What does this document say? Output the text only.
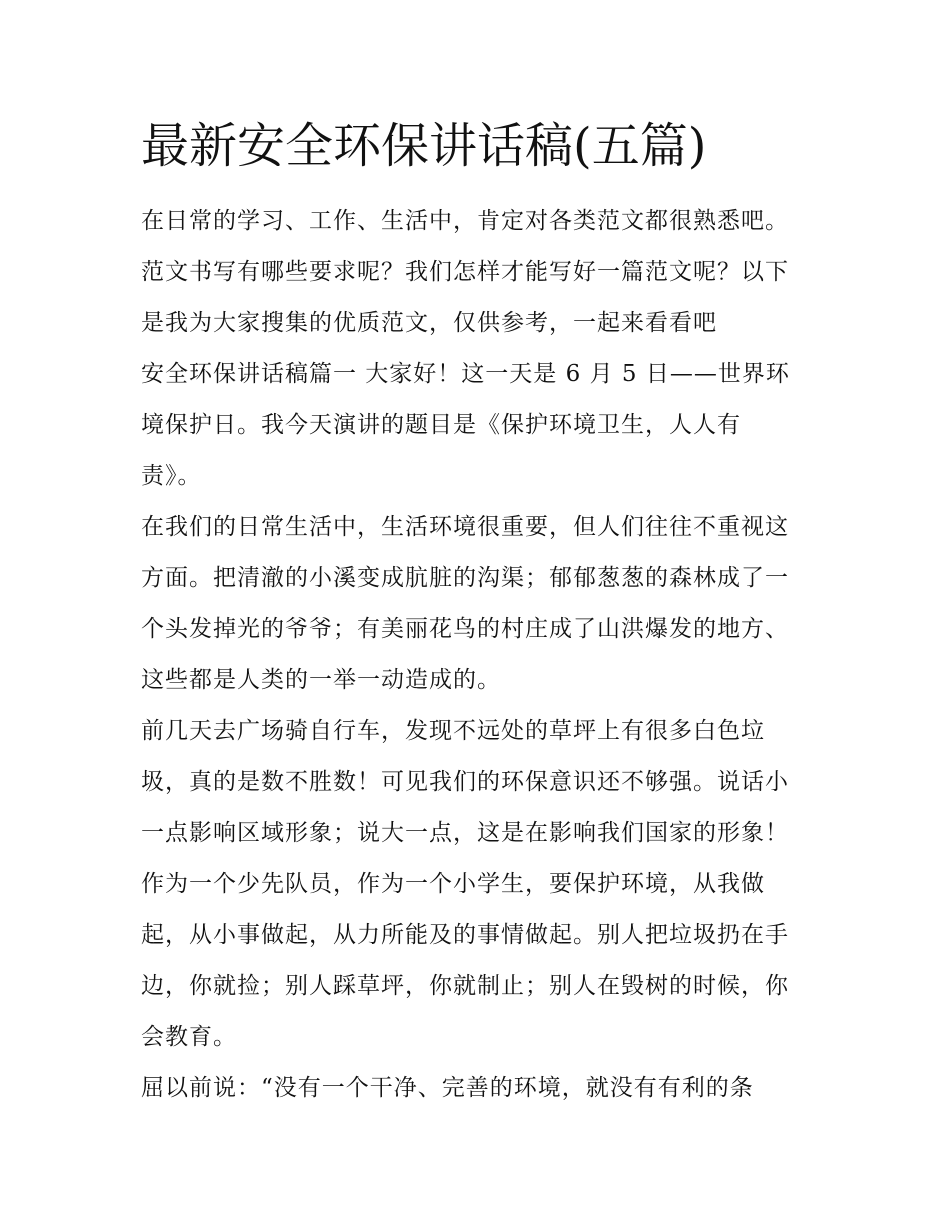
最新安全环保讲话稿(五篇)
在日常的学习、工作、生活中，肯定对各类范文都很熟悉吧。
范文书写有哪些要求呢？我们怎样才能写好一篇范文呢？以下
是我为大家搜集的优质范文，仅供参考，一起来看看吧
安全环保讲话稿篇一 大家好！这一天是 6 月 5 日——世界环
境保护日。我今天演讲的题目是《保护环境卫生，人人有
责》。
在我们的日常生活中，生活环境很重要，但人们往往不重视这
方面。把清澈的小溪变成肮脏的沟渠；郁郁葱葱的森林成了一
个头发掉光的爷爷；有美丽花鸟的村庄成了山洪爆发的地方、
这些都是人类的一举一动造成的。
前几天去广场骑自行车，发现不远处的草坪上有很多白色垃
圾，真的是数不胜数！可见我们的环保意识还不够强。说话小
一点影响区域形象；说大一点，这是在影响我们国家的形象！
作为一个少先队员，作为一个小学生，要保护环境，从我做
起，从小事做起，从力所能及的事情做起。别人把垃圾扔在手
边，你就捡；别人踩草坪，你就制止；别人在毁树的时候，你
会教育。
屈以前说：“没有一个干净、完善的环境，就没有有利的条
